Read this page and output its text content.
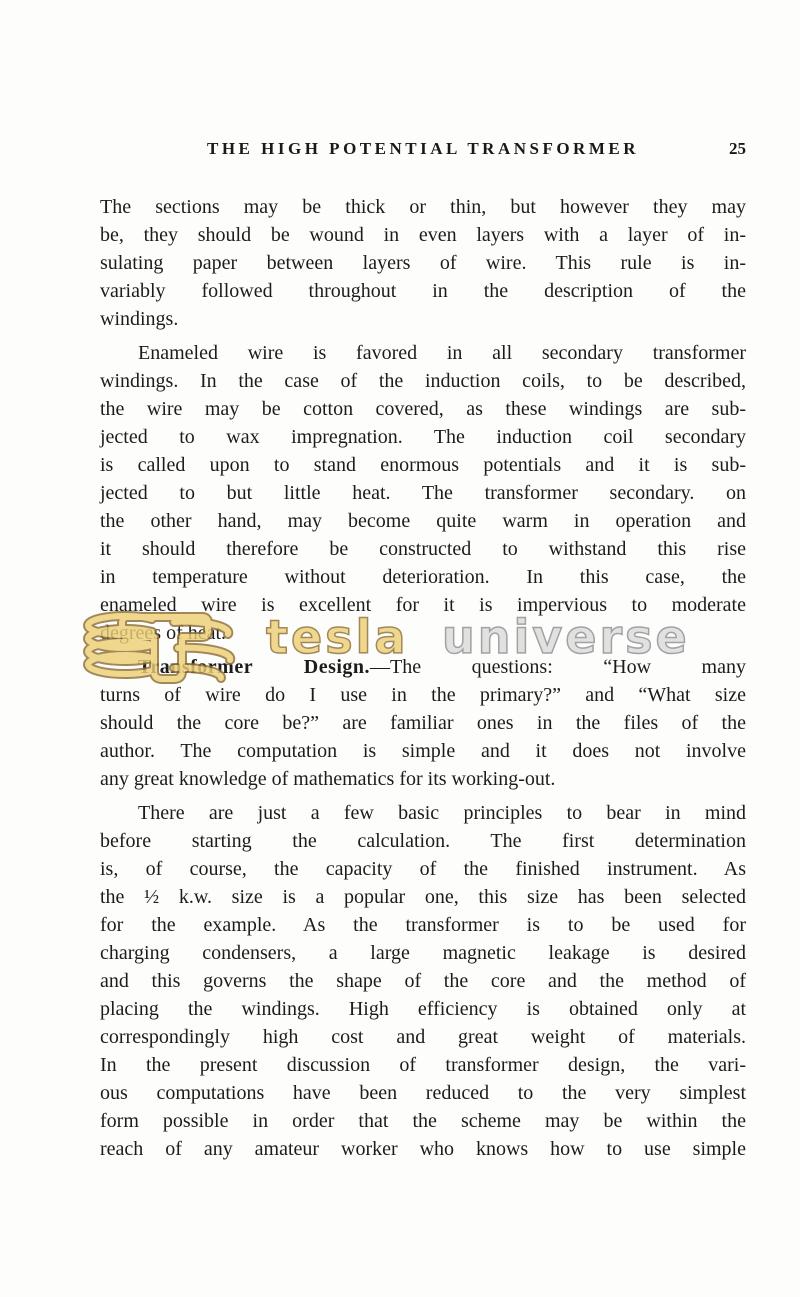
THE HIGH POTENTIAL TRANSFORMER	25

The sections may be thick or thin, but however they may
be, they should be wound in even layers with a layer of in-
sulating paper between layers of wire. This rule is in-
variably followed throughout in the description of the
windings.

Enameled wire is favored in all secondary transformer
windings. In the case of the induction coils, to be described,
the wire may be cotton covered, as these windings are sub-
jected to wax impregnation. The induction coil secondary
is called upon to stand enormous potentials and it is sub-
jected to but little heat. The transformer secondary. on
the other hand, may become quite warm in operation and
it should therefore be constructed to withstand this rise
in temperature without deterioration. In this case, the
enameled wire is excellent for it is impervious to moderate
degrees of heat.

Transformer Design.—The questions: “How many
turns of wire do I use in the primary?” and “What size
should the core be?” are familiar ones in the files of the
author. The computation is simple and it does not involve
any great knowledge of mathematics for its working-out.

There are just a few basic principles to bear in mind
before starting the calculation. The first determination
is, of course, the capacity of the finished instrument. As
the ½ k.w. size is a popular one, this size has been selected
for the example. As the transformer is to be used for
charging condensers, a large magnetic leakage is desired
and this governs the shape of the core and the method of
placing the windings. High efficiency is obtained only at
correspondingly high cost and great weight of materials.
In the present discussion of transformer design, the vari-
ous computations have been reduced to the very simplest
form possible in order that the scheme may be within the
reach of any amateur worker who knows how to use simple

tesla universe
